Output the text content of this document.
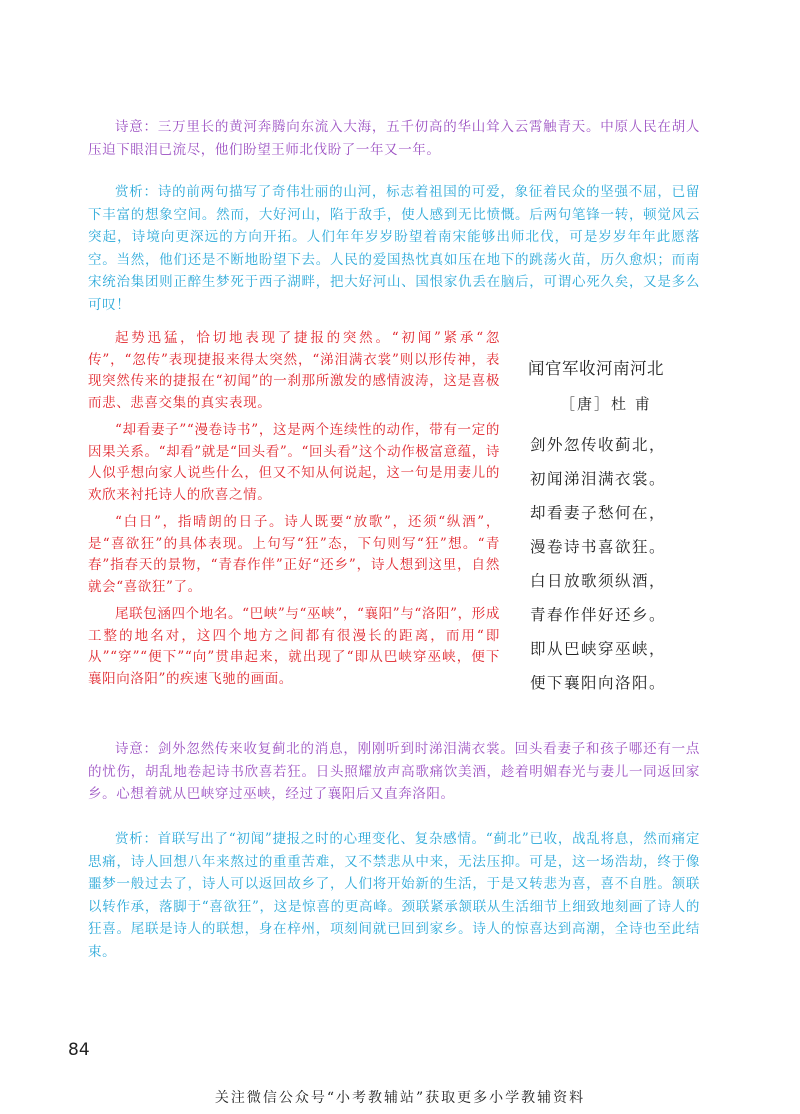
诗意：三万里长的黄河奔腾向东流入大海，五千仞高的华山耸入云霄触青天。中原人民在胡人压迫下眼泪已流尽，他们盼望王师北伐盼了一年又一年。

赏析：诗的前两句描写了奇伟壮丽的山河，标志着祖国的可爱，象征着民众的坚强不屈，已留下丰富的想象空间。然而，大好河山，陷于敌手，使人感到无比愤慨。后两句笔锋一转，顿觉风云突起，诗境向更深远的方向开拓。人们年年岁岁盼望着南宋能够出师北伐，可是岁岁年年此愿落空。当然，他们还是不断地盼望下去。人民的爱国热忱真如压在地下的跳荡火苗，历久愈炽；而南宋统治集团则正醉生梦死于西子湖畔，把大好河山、国恨家仇丢在脑后，可谓心死久矣，又是多么可叹！

起势迅猛，恰切地表现了捷报的突然。“初闻”紧承“忽传”，“忽传”表现捷报来得太突然，“涕泪满衣裳”则以形传神，表现突然传来的捷报在“初闻”的一刹那所激发的感情波涛，这是喜极而悲、悲喜交集的真实表现。

“却看妻子”“漫卷诗书”，这是两个连续性的动作，带有一定的因果关系。“却看”就是“回头看”。“回头看”这个动作极富意蕴，诗人似乎想向家人说些什么，但又不知从何说起，这一句是用妻儿的欢欣来衬托诗人的欣喜之情。

“白日”，指晴朗的日子。诗人既要“放歌”，还须“纵酒”，是“喜欲狂”的具体表现。上句写“狂”态，下句则写“狂”想。“青春”指春天的景物，“青春作伴”正好“还乡”，诗人想到这里，自然就会“喜欲狂”了。

尾联包涵四个地名。“巴峡”与“巫峡”，“襄阳”与“洛阳”，形成工整的地名对，这四个地方之间都有很漫长的距离，而用“即从”“穿”“便下”“向”贯串起来，就出现了“即从巴峡穿巫峡，便下襄阳向洛阳”的疾速飞驰的画面。

闻官军收河南河北
［唐］杜 甫
剑外忽传收蓟北，
初闻涕泪满衣裳。
却看妻子愁何在，
漫卷诗书喜欲狂。
白日放歌须纵酒，
青春作伴好还乡。
即从巴峡穿巫峡，
便下襄阳向洛阳。

诗意：剑外忽然传来收复蓟北的消息，刚刚听到时涕泪满衣裳。回头看妻子和孩子哪还有一点的忧伤，胡乱地卷起诗书欣喜若狂。日头照耀放声高歌痛饮美酒，趁着明媚春光与妻儿一同返回家乡。心想着就从巴峡穿过巫峡，经过了襄阳后又直奔洛阳。

赏析：首联写出了“初闻”捷报之时的心理变化、复杂感情。“蓟北”已收，战乱将息，然而痛定思痛，诗人回想八年来熬过的重重苦难，又不禁悲从中来，无法压抑。可是，这一场浩劫，终于像噩梦一般过去了，诗人可以返回故乡了，人们将开始新的生活，于是又转悲为喜，喜不自胜。颔联以转作承，落脚于“喜欲狂”，这是惊喜的更高峰。颈联紧承颔联从生活细节上细致地刻画了诗人的狂喜。尾联是诗人的联想，身在梓州，项刻间就已回到家乡。诗人的惊喜达到高潮，全诗也至此结束。

84
关注微信公众号“小考教辅站”获取更多小学教辅资料
